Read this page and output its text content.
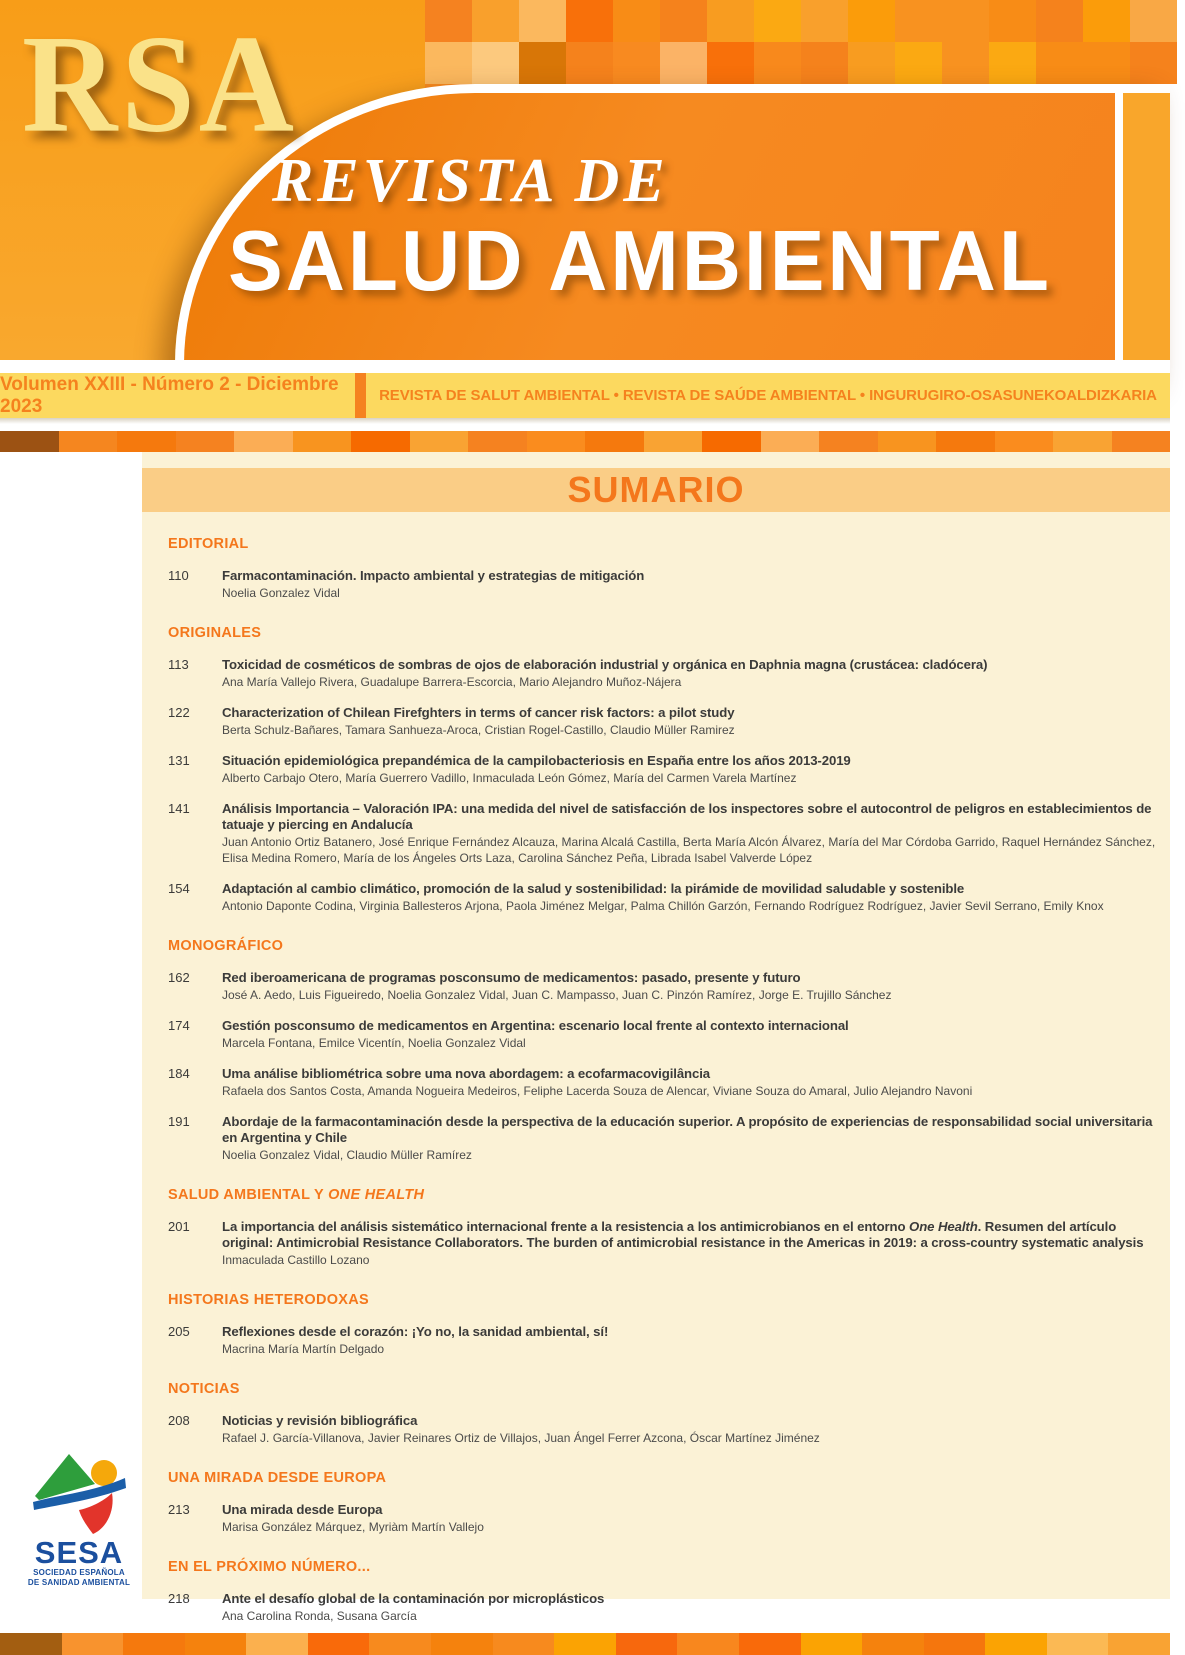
RSA
REVISTA DE
SALUD AMBIENTAL
Volumen XXIII - Número 2 - Diciembre 2023	REVISTA DE SALUT AMBIENTAL • REVISTA DE SAÚDE AMBIENTAL • INGURUGIRO-OSASUNEKOALDIZKARIA
SUMARIO
EDITORIAL
110	Farmacontaminación. Impacto ambiental y estrategias de mitigación
Noelia Gonzalez Vidal
ORIGINALES
113	Toxicidad de cosméticos de sombras de ojos de elaboración industrial y orgánica en Daphnia magna (crustácea: cladócera)
Ana María Vallejo Rivera, Guadalupe Barrera-Escorcia, Mario Alejandro Muñoz-Nájera
122	Characterization of Chilean Firefghters in terms of cancer risk factors: a pilot study
Berta Schulz-Bañares, Tamara Sanhueza-Aroca, Cristian Rogel-Castillo, Claudio Müller Ramirez
131	Situación epidemiológica prepandémica de la campilobacteriosis en España entre los años 2013-2019
Alberto Carbajo Otero, María Guerrero Vadillo, Inmaculada León Gómez, María del Carmen Varela Martínez
141	Análisis Importancia – Valoración IPA: una medida del nivel de satisfacción de los inspectores sobre el autocontrol de peligros en establecimientos de tatuaje y piercing en Andalucía
Juan Antonio Ortiz Batanero, José Enrique Fernández Alcauza, Marina Alcalá Castilla, Berta María Alcón Álvarez, María del Mar Córdoba Garrido, Raquel Hernández Sánchez, Elisa Medina Romero, María de los Ángeles Orts Laza, Carolina Sánchez Peña, Librada Isabel Valverde López
154	Adaptación al cambio climático, promoción de la salud y sostenibilidad: la pirámide de movilidad saludable y sostenible
Antonio Daponte Codina, Virginia Ballesteros Arjona, Paola Jiménez Melgar, Palma Chillón Garzón, Fernando Rodríguez Rodríguez, Javier Sevil Serrano, Emily Knox
MONOGRÁFICO
162	Red iberoamericana de programas posconsumo de medicamentos: pasado, presente y futuro
José A. Aedo, Luis Figueiredo, Noelia Gonzalez Vidal, Juan C. Mampasso, Juan C. Pinzón Ramírez, Jorge E. Trujillo Sánchez
174	Gestión posconsumo de medicamentos en Argentina: escenario local frente al contexto internacional
Marcela Fontana, Emilce Vicentín, Noelia Gonzalez Vidal
184	Uma análise bibliométrica sobre uma nova abordagem: a ecofarmacovigilância
Rafaela dos Santos Costa, Amanda Nogueira Medeiros, Feliphe Lacerda Souza de Alencar, Viviane Souza do Amaral, Julio Alejandro Navoni
191	Abordaje de la farmacontaminación desde la perspectiva de la educación superior. A propósito de experiencias de responsabilidad social universitaria en Argentina y Chile
Noelia Gonzalez Vidal, Claudio Müller Ramírez
SALUD AMBIENTAL Y ONE HEALTH
201	La importancia del análisis sistemático internacional frente a la resistencia a los antimicrobianos en el entorno One Health. Resumen del artículo original: Antimicrobial Resistance Collaborators. The burden of antimicrobial resistance in the Americas in 2019: a cross-country systematic analysis
Inmaculada Castillo Lozano
HISTORIAS HETERODOXAS
205	Reflexiones desde el corazón: ¡Yo no, la sanidad ambiental, sí!
Macrina María Martín Delgado
NOTICIAS
208	Noticias y revisión bibliográfica
Rafael J. García-Villanova, Javier Reinares Ortiz de Villajos, Juan Ángel Ferrer Azcona, Óscar Martínez Jiménez
UNA MIRADA DESDE EUROPA
213	Una mirada desde Europa
Marisa González Márquez, Myriàm Martín Vallejo
EN EL PRÓXIMO NÚMERO...
218	Ante el desafío global de la contaminación por microplásticos
Ana Carolina Ronda, Susana García
SESA
SOCIEDAD ESPAÑOLA
DE SANIDAD AMBIENTAL
